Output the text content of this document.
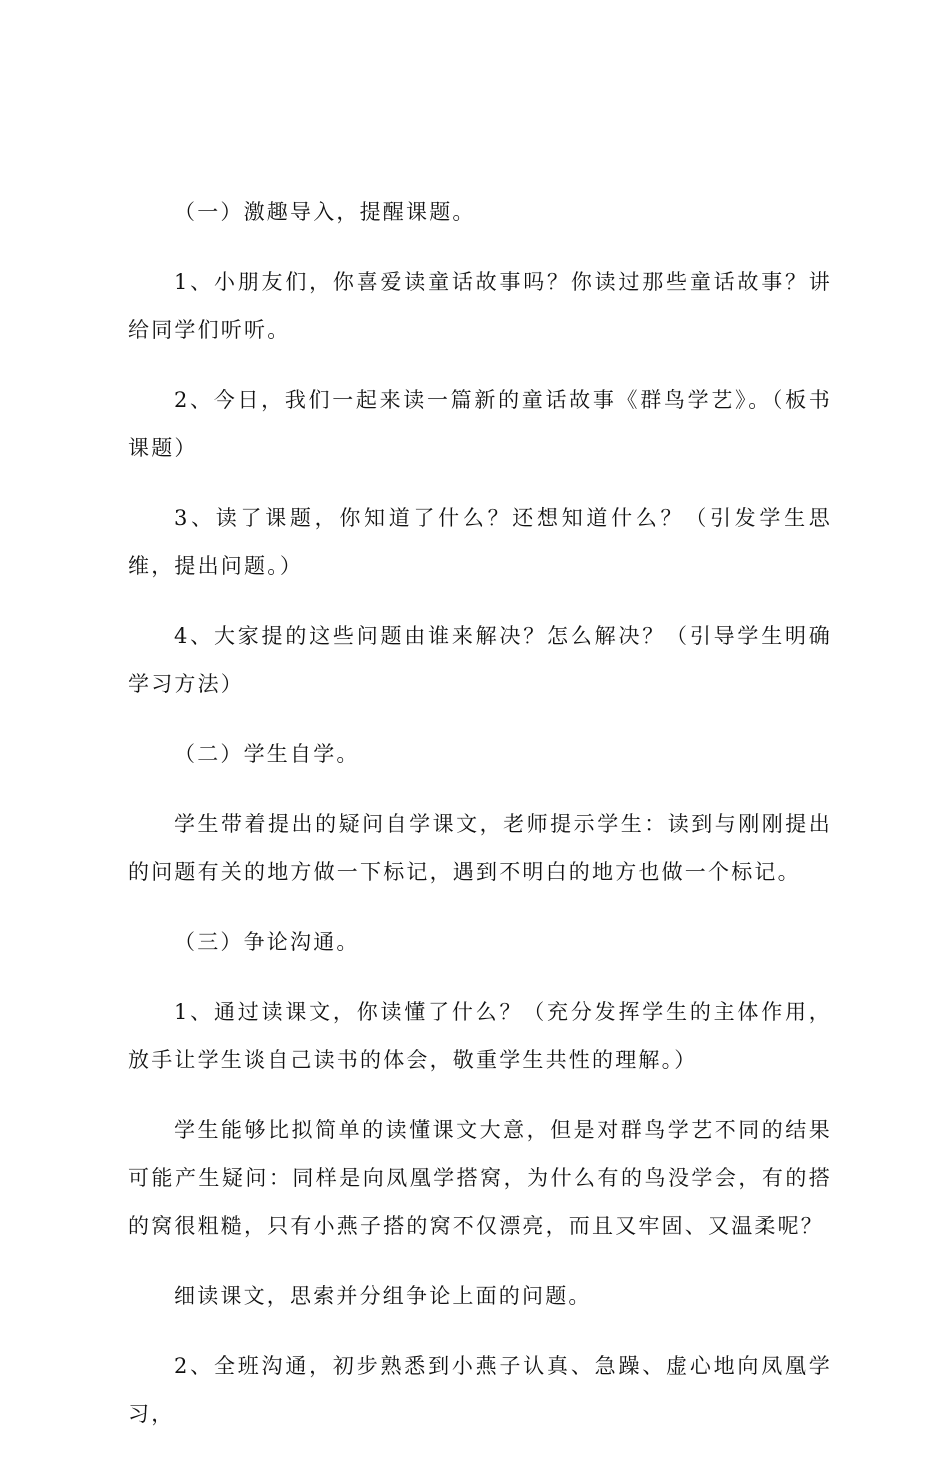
（一）激趣导入，提醒课题。

1、小朋友们，你喜爱读童话故事吗？你读过那些童话故事？讲给同学们听听。

2、今日，我们一起来读一篇新的童话故事《群鸟学艺》。（板书课题）

3、读了课题，你知道了什么？还想知道什么？（引发学生思维，提出问题。）

4、大家提的这些问题由谁来解决？怎么解决？（引导学生明确学习方法）

（二）学生自学。

学生带着提出的疑问自学课文，老师提示学生：读到与刚刚提出的问题有关的地方做一下标记，遇到不明白的地方也做一个标记。

（三）争论沟通。

1、通过读课文，你读懂了什么？（充分发挥学生的主体作用，放手让学生谈自己读书的体会，敬重学生共性的理解。）

学生能够比拟简单的读懂课文大意，但是对群鸟学艺不同的结果可能产生疑问：同样是向凤凰学搭窝，为什么有的鸟没学会，有的搭的窝很粗糙，只有小燕子搭的窝不仅漂亮，而且又牢固、又温柔呢？

细读课文，思索并分组争论上面的问题。

2、全班沟通，初步熟悉到小燕子认真、急躁、虚心地向凤凰学习，
